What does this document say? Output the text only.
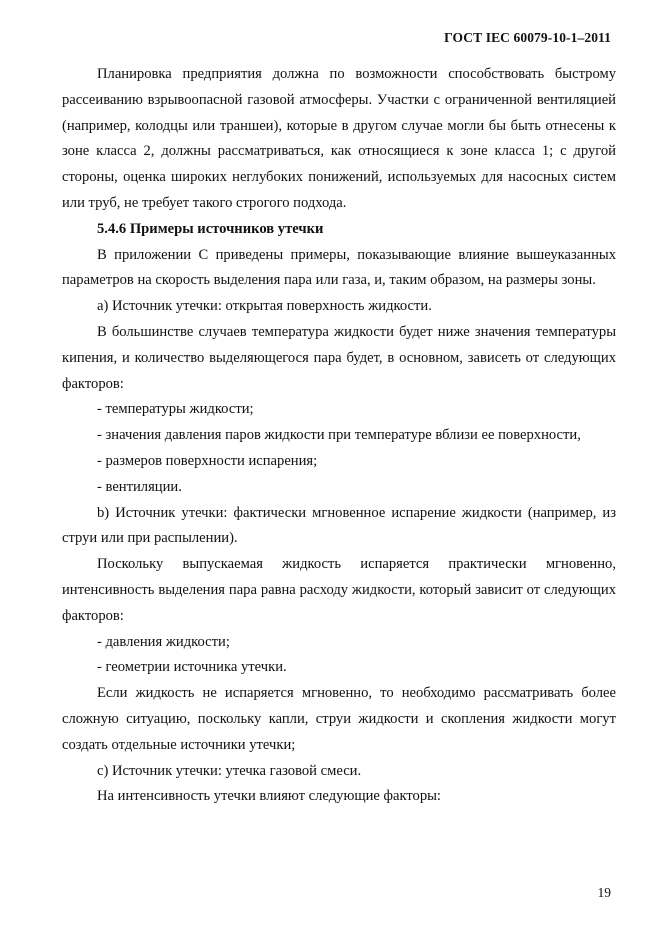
ГОСТ IEC 60079-10-1–2011

Планировка предприятия должна по возможности способствовать быстрому рассеиванию взрывоопасной газовой атмосферы. Участки с ограниченной вентиляцией (например, колодцы или траншеи), которые в другом случае могли бы быть отнесены к зоне класса 2, должны рассматриваться, как относящиеся к зоне класса 1; с другой стороны, оценка широких неглубоких понижений, используемых для насосных систем или труб, не требует такого строгого подхода.

5.4.6 Примеры источников утечки

В приложении С приведены примеры, показывающие влияние вышеуказанных параметров на скорость выделения пара или газа, и, таким образом, на размеры зоны.

a) Источник утечки: открытая поверхность жидкости.

В большинстве случаев температура жидкости будет ниже значения температуры кипения, и количество выделяющегося пара будет, в основном, зависеть от следующих факторов:

- температуры жидкости;

- значения давления паров жидкости при температуре вблизи ее поверхности,

- размеров поверхности испарения;

- вентиляции.

b) Источник утечки: фактически мгновенное испарение жидкости (например, из струи или при распылении).

Поскольку выпускаемая жидкость испаряется практически мгновенно, интенсивность выделения пара равна расходу жидкости, который зависит от следующих факторов:

- давления жидкости;

- геометрии источника утечки.

Если жидкость не испаряется мгновенно, то необходимо рассматривать более сложную ситуацию, поскольку капли, струи жидкости и скопления жидкости могут создать отдельные источники утечки;

c) Источник утечки: утечка газовой смеси.

На интенсивность утечки влияют следующие факторы:

19
